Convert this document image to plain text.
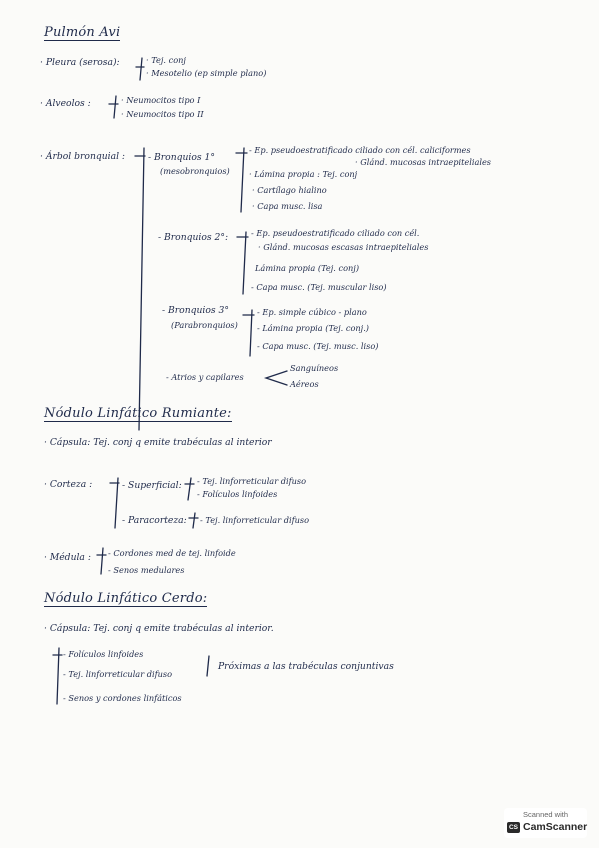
Pulmón Avi
· Pleura (serosa):	· Tej. conj
· Mesotelio (ep simple plano)
· Alveolos :	· Neumocitos tipo I
· Neumocitos tipo II
· Árbol bronquial : - Bronquios 1°
(mesobronquios)
- Ep. pseudoestratificado ciliado con cél. caliciformes
· Glánd. mucosas intraepiteliales
· Lámina propia : Tej. conj
· Cartílago hialino
· Capa musc. lisa
- Bronquios 2°:	- Ep. pseudoestratificado ciliado con cél.
· Glánd. mucosas escasas intraepiteliales
Lámina propia (Tej. conj)
- Capa musc. (Tej. muscular liso)
- Bronquios 3°
(Parabronquios)
- Ep. simple cúbico - plano
- Lámina propia (Tej. conj.)
- Capa musc. (Tej. musc. liso)
- Atrios y capilares
Sanguíneos
Aéreos
Nódulo Linfático Rumiante:
· Cápsula: Tej. conj q emite trabéculas al interior
· Corteza :	- Superficial: - Tej. linforreticular difuso
- Folículos linfoides
- Paracorteza: - Tej. linforreticular difuso
· Médula : - Cordones med de tej. linfoide
- Senos medulares
Nódulo Linfático Cerdo:
· Cápsula: Tej. conj q emite trabéculas al interior.
- Folículos linfoides
- Tej. linforreticular difuso
- Senos y cordones linfáticos
Próximas a las trabéculas conjuntivas
Scanned with
CS CamScanner
